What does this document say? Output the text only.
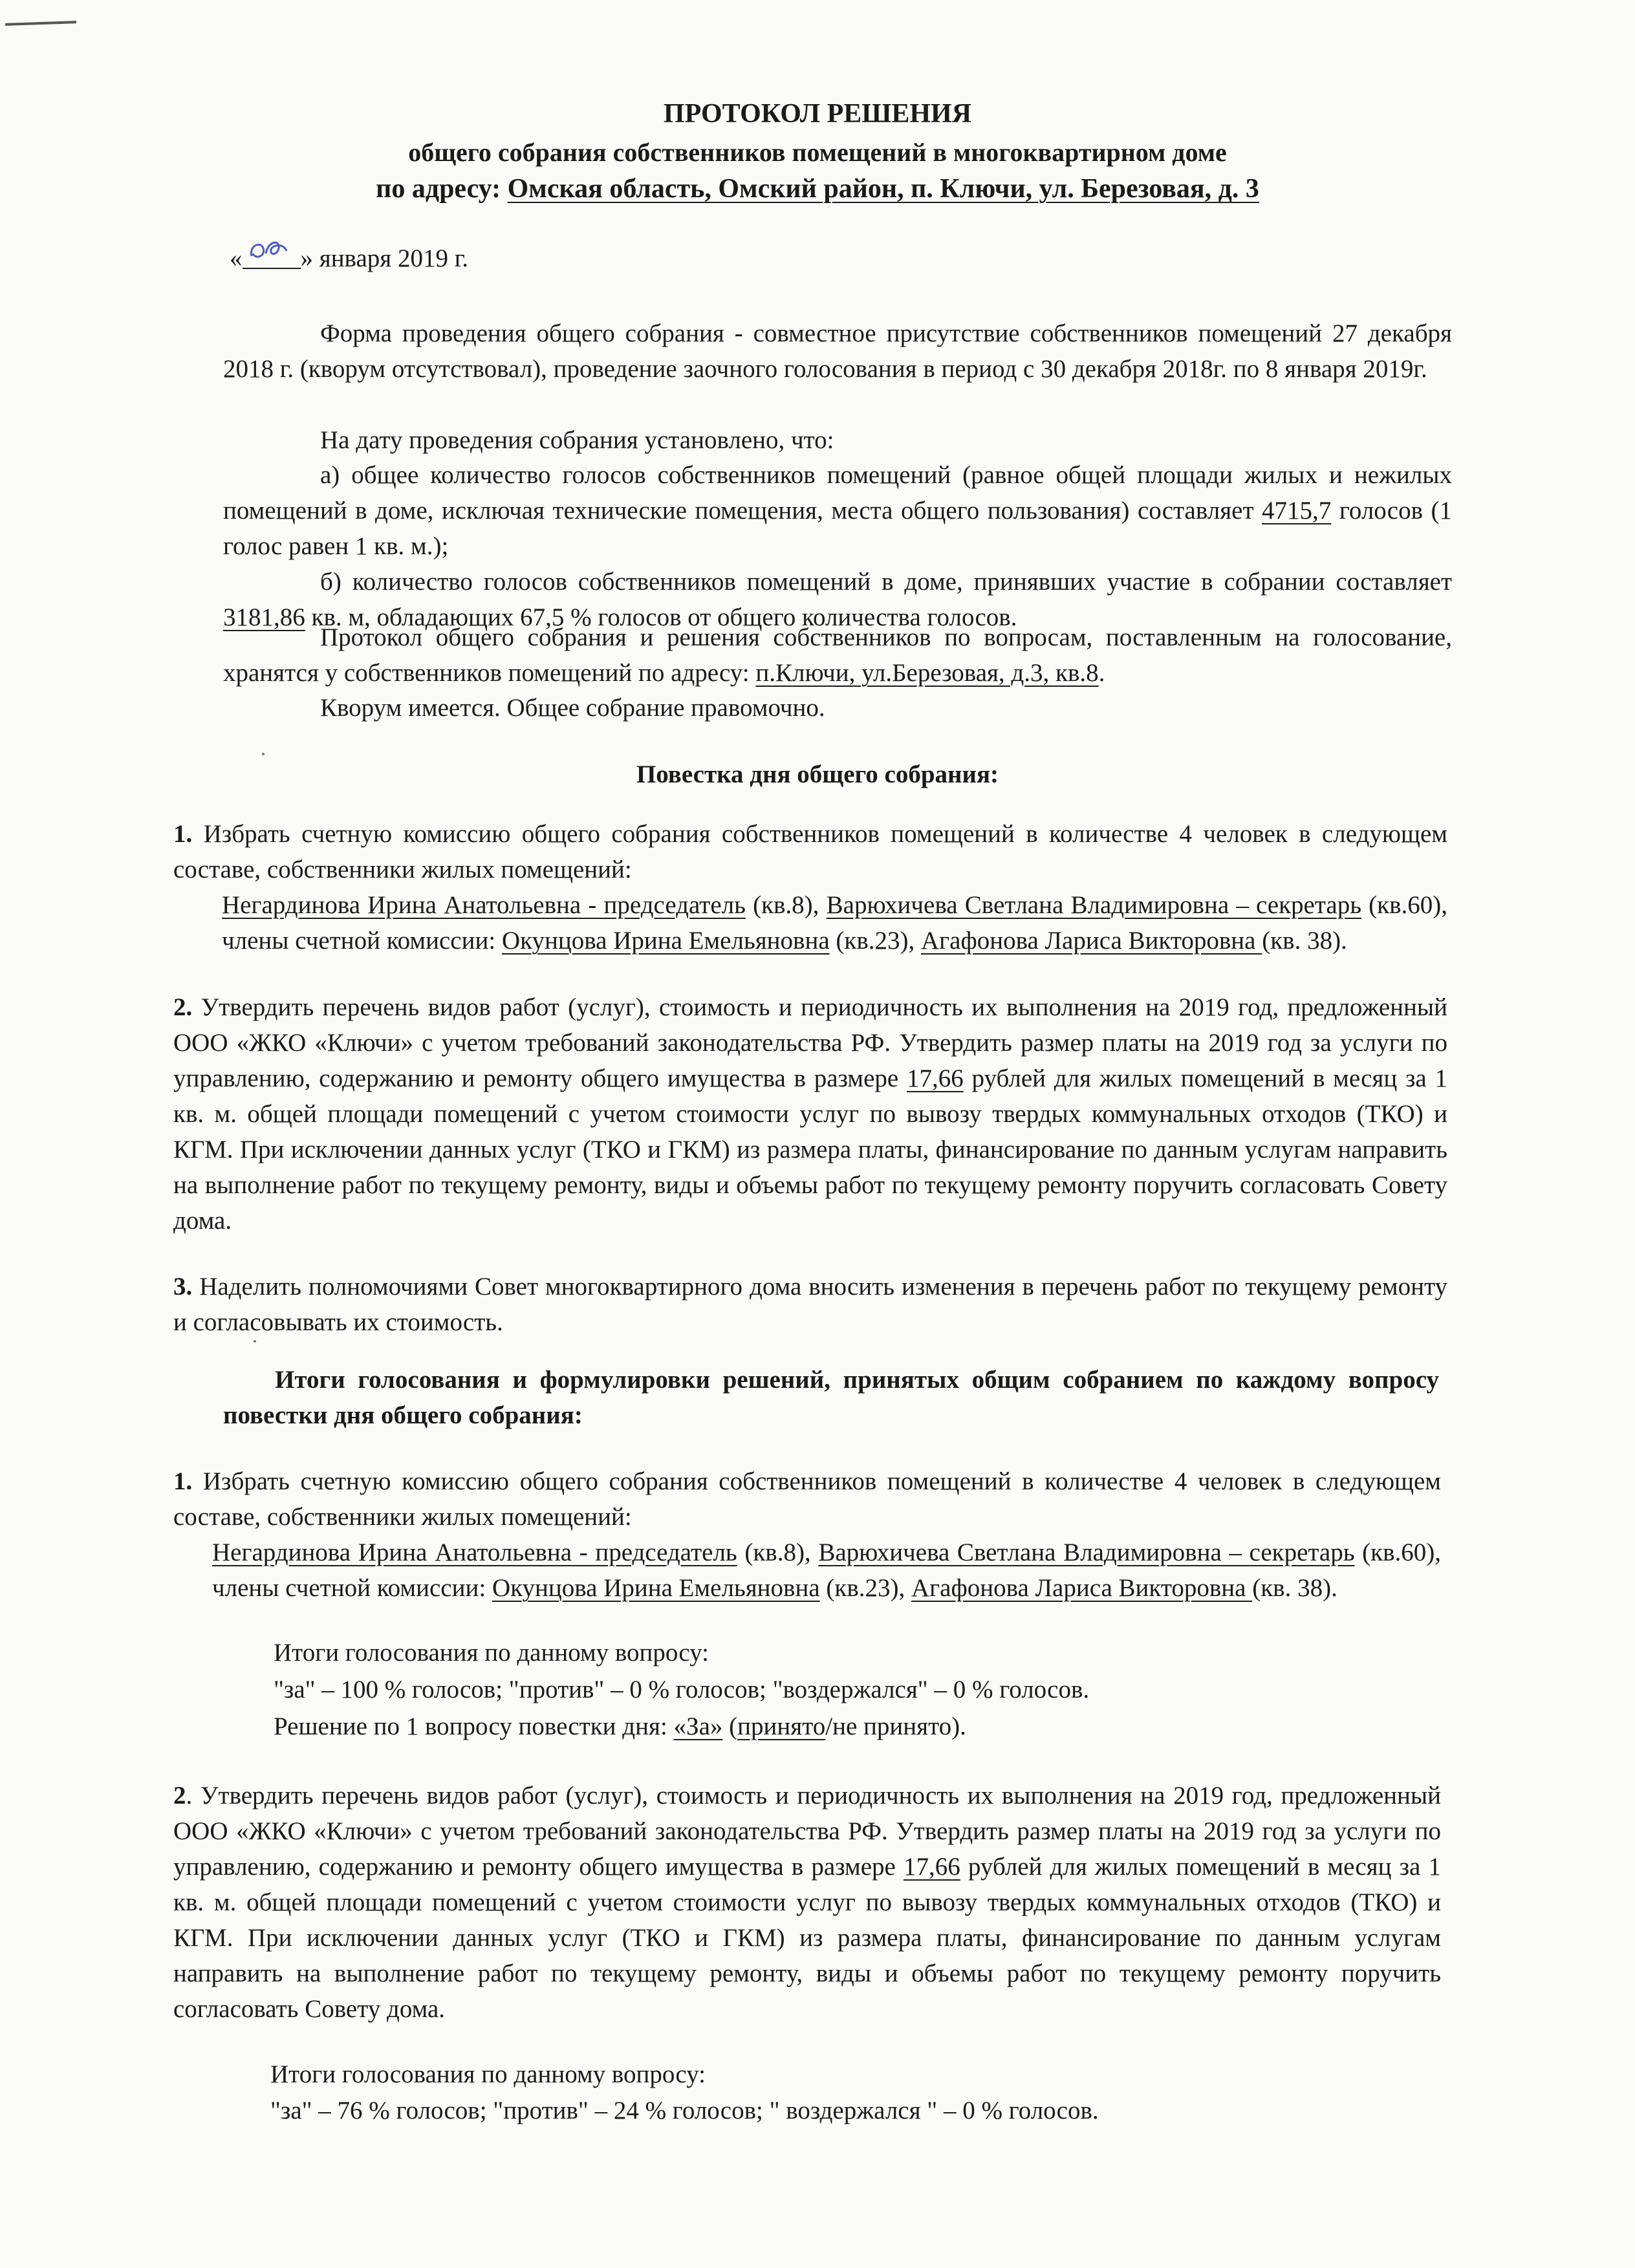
ПРОТОКОЛ РЕШЕНИЯ
общего собрания собственников помещений в многоквартирном доме
по адресу: Омская область, Омский район, п. Ключи, ул. Березовая, д. 3
« » января 2019 г.
Форма проведения общего собрания - совместное присутствие собственников помещений 27 декабря 2018 г. (кворум отсутствовал), проведение заочного голосования в период с 30 декабря 2018г. по 8 января 2019г.
На дату проведения собрания установлено, что:
а) общее количество голосов собственников помещений (равное общей площади жилых и нежилых помещений в доме, исключая технические помещения, места общего пользования) составляет 4715,7 голосов (1 голос равен 1 кв. м.);
б) количество голосов собственников помещений в доме, принявших участие в собрании составляет 3181,86 кв. м, обладающих 67,5 % голосов от общего количества голосов.
Протокол общего собрания и решения собственников по вопросам, поставленным на голосование, хранятся у собственников помещений по адресу: п.Ключи, ул.Березовая, д.3, кв.8.
Кворум имеется. Общее собрание правомочно.
Повестка дня общего собрания:
1. Избрать счетную комиссию общего собрания собственников помещений в количестве 4 человек в следующем составе, собственники жилых помещений:
Негардинова Ирина Анатольевна - председатель (кв.8), Варюхичева Светлана Владимировна – секретарь (кв.60), члены счетной комиссии: Окунцова Ирина Емельяновна (кв.23), Агафонова Лариса Викторовна (кв. 38).
2. Утвердить перечень видов работ (услуг), стоимость и периодичность их выполнения на 2019 год, предложенный ООО «ЖКО «Ключи» с учетом требований законодательства РФ. Утвердить размер платы на 2019 год за услуги по управлению, содержанию и ремонту общего имущества в размере 17,66 рублей для жилых помещений в месяц за 1 кв. м. общей площади помещений с учетом стоимости услуг по вывозу твердых коммунальных отходов (ТКО) и КГМ. При исключении данных услуг (ТКО и ГКМ) из размера платы, финансирование по данным услугам направить на выполнение работ по текущему ремонту, виды и объемы работ по текущему ремонту поручить согласовать Совету дома.
3. Наделить полномочиями Совет многоквартирного дома вносить изменения в перечень работ по текущему ремонту и согласовывать их стоимость.
Итоги голосования и формулировки решений, принятых общим собранием по каждому вопросу повестки дня общего собрания:
1. Избрать счетную комиссию общего собрания собственников помещений в количестве 4 человек в следующем составе, собственники жилых помещений:
Негардинова Ирина Анатольевна - председатель (кв.8), Варюхичева Светлана Владимировна – секретарь (кв.60), члены счетной комиссии: Окунцова Ирина Емельяновна (кв.23), Агафонова Лариса Викторовна (кв. 38).
Итоги голосования по данному вопросу:
"за" – 100 % голосов; "против" – 0 % голосов; "воздержался" – 0 % голосов.
Решение по 1 вопросу повестки дня: «За» (принято/не принято).
2. Утвердить перечень видов работ (услуг), стоимость и периодичность их выполнения на 2019 год, предложенный ООО «ЖКО «Ключи» с учетом требований законодательства РФ. Утвердить размер платы на 2019 год за услуги по управлению, содержанию и ремонту общего имущества в размере 17,66 рублей для жилых помещений в месяц за 1 кв. м. общей площади помещений с учетом стоимости услуг по вывозу твердых коммунальных отходов (ТКО) и КГМ. При исключении данных услуг (ТКО и ГКМ) из размера платы, финансирование по данным услугам направить на выполнение работ по текущему ремонту, виды и объемы работ по текущему ремонту поручить согласовать Совету дома.
Итоги голосования по данному вопросу:
"за" – 76 % голосов; "против" – 24 % голосов; " воздержался " – 0 % голосов.
